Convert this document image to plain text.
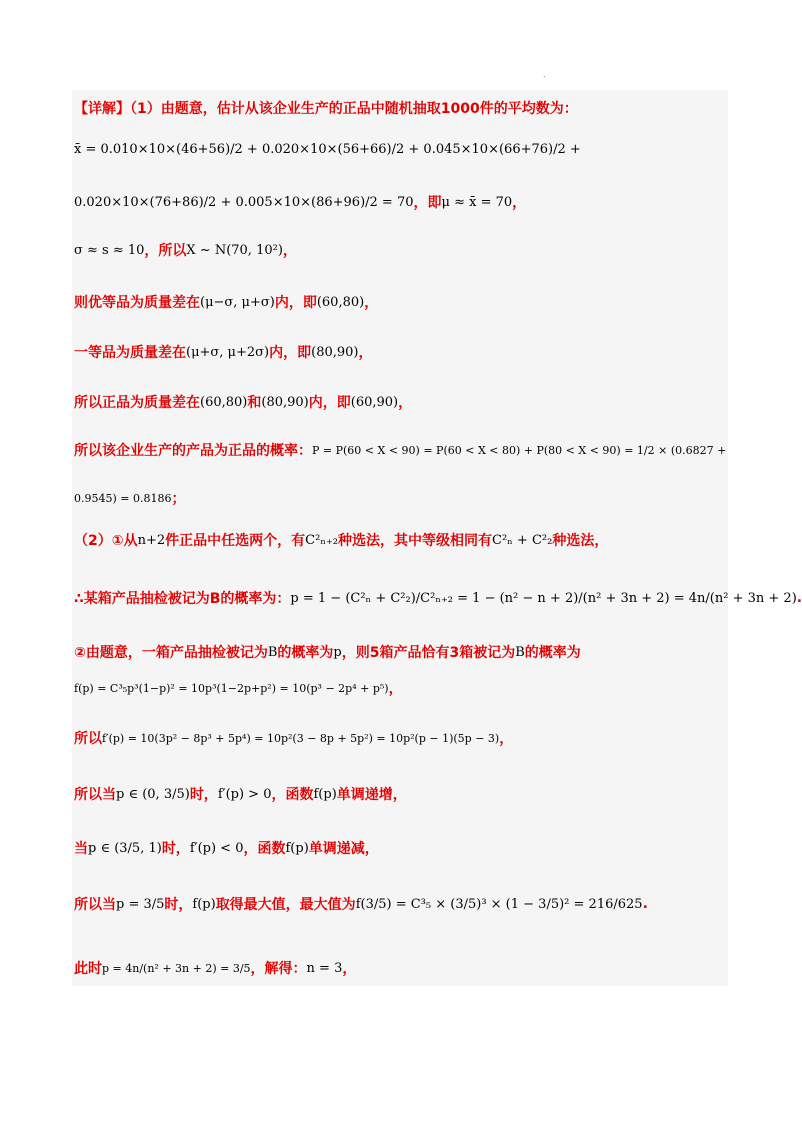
.
【详解】（1）由题意，估计从该企业生产的正品中随机抽取1000件的平均数为：
x̄ = 0.010×10×(46+56)/2 + 0.020×10×(56+66)/2 + 0.045×10×(66+76)/2 +
0.020×10×(76+86)/2 + 0.005×10×(86+96)/2 = 70 ，即 μ ≈ x̄ = 70 ，
σ ≈ s ≈ 10 ，所以 X ~ N(70, 10²) ，
则优等品为质量差在 (μ−σ, μ+σ) 内，即 (60,80) ，
一等品为质量差在 (μ+σ, μ+2σ) 内，即 (80,90) ，
所以正品为质量差在 (60,80) 和 (80,90) 内，即 (60,90) ，
所以该企业生产的产品为正品的概率： P = P(60 < X < 90) = P(60 < X < 80) + P(80 < X < 90) = 1/2 × (0.6827 +
0.9545) = 0.8186 ；
（2）①从 n+2 件正品中任选两个，有 C²ₙ₊₂ 种选法，其中等级相同有 C²ₙ + C²₂ 种选法，
∴某箱产品抽检被记为B的概率为： p = 1 − (C²ₙ + C²₂)/C²ₙ₊₂ = 1 − (n² − n + 2)/(n² + 3n + 2) = 4n/(n² + 3n + 2) .
②由题意，一箱产品抽检被记为 B 的概率为 p ，则5箱产品恰有3箱被记为 B 的概率为
f(p) = C³₅p³(1−p)² = 10p³(1−2p+p²) = 10(p³ − 2p⁴ + p⁵) ，
所以 f′(p) = 10(3p² − 8p³ + 5p⁴) = 10p²(3 − 8p + 5p²) = 10p²(p − 1)(5p − 3) ，
所以当 p ∈ (0, 3/5) 时， f′(p) > 0 ，函数 f(p) 单调递增，
当 p ∈ (3/5, 1) 时， f′(p) < 0 ，函数 f(p) 单调递减，
所以当 p = 3/5 时， f(p) 取得最大值，最大值为 f(3/5) = C³₅ × (3/5)³ × (1 − 3/5)² = 216/625 .
此时 p = 4n/(n² + 3n + 2) = 3/5 ，解得： n = 3 ，
